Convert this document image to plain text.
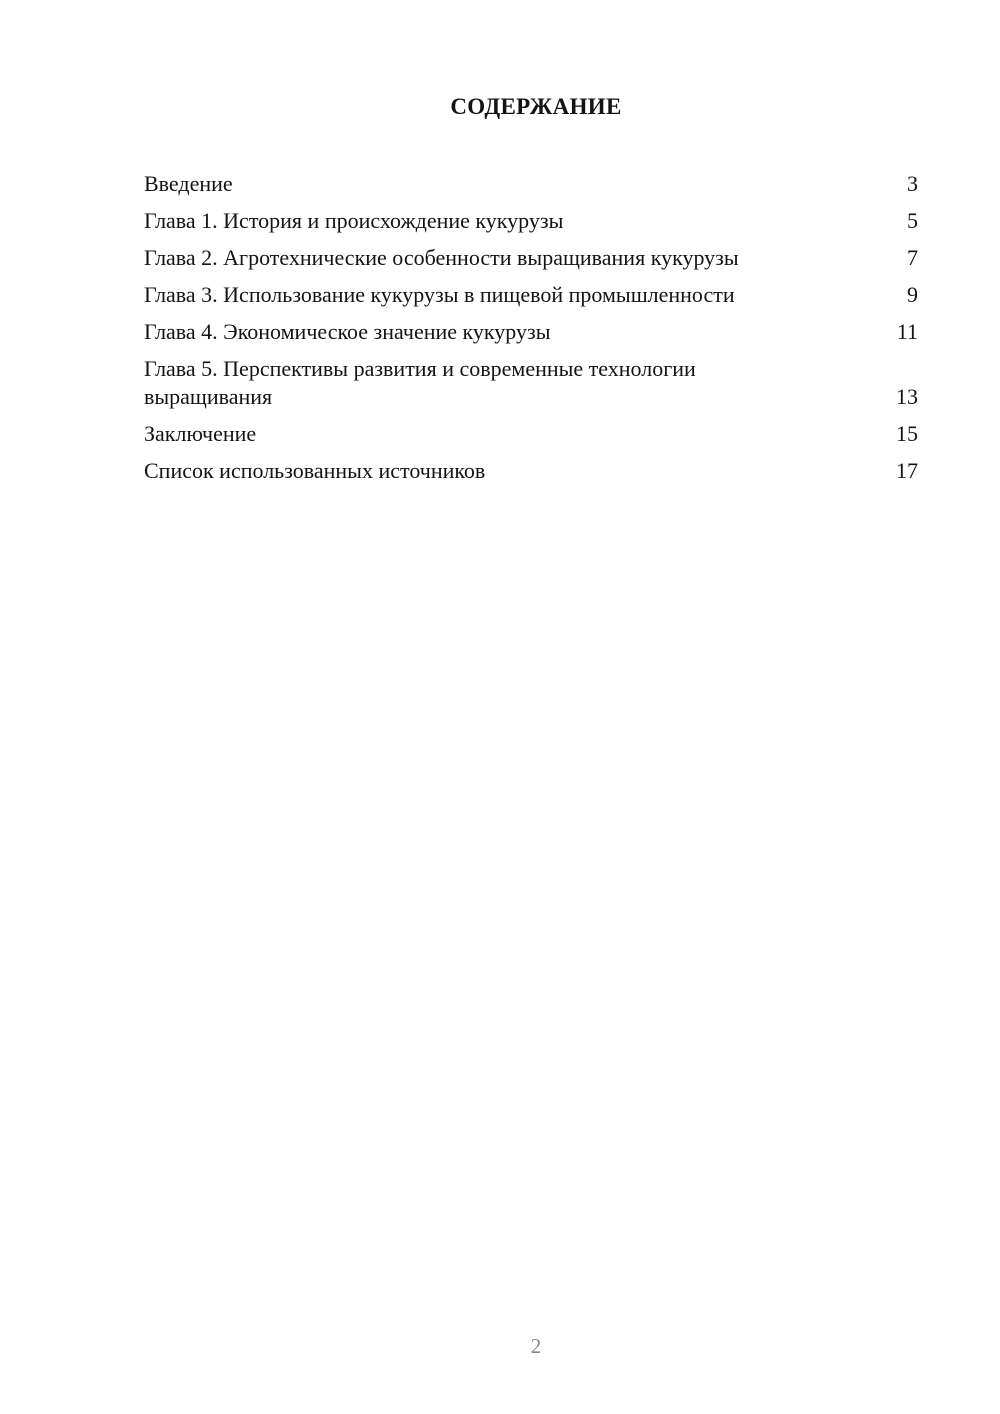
СОДЕРЖАНИЕ
Введение	3
Глава 1. История и происхождение кукурузы	5
Глава 2. Агротехнические особенности выращивания кукурузы	7
Глава 3. Использование кукурузы в пищевой промышленности	9
Глава 4. Экономическое значение кукурузы	11
Глава 5. Перспективы развития и современные технологии выращивания	13
Заключение	15
Список использованных источников	17
2
